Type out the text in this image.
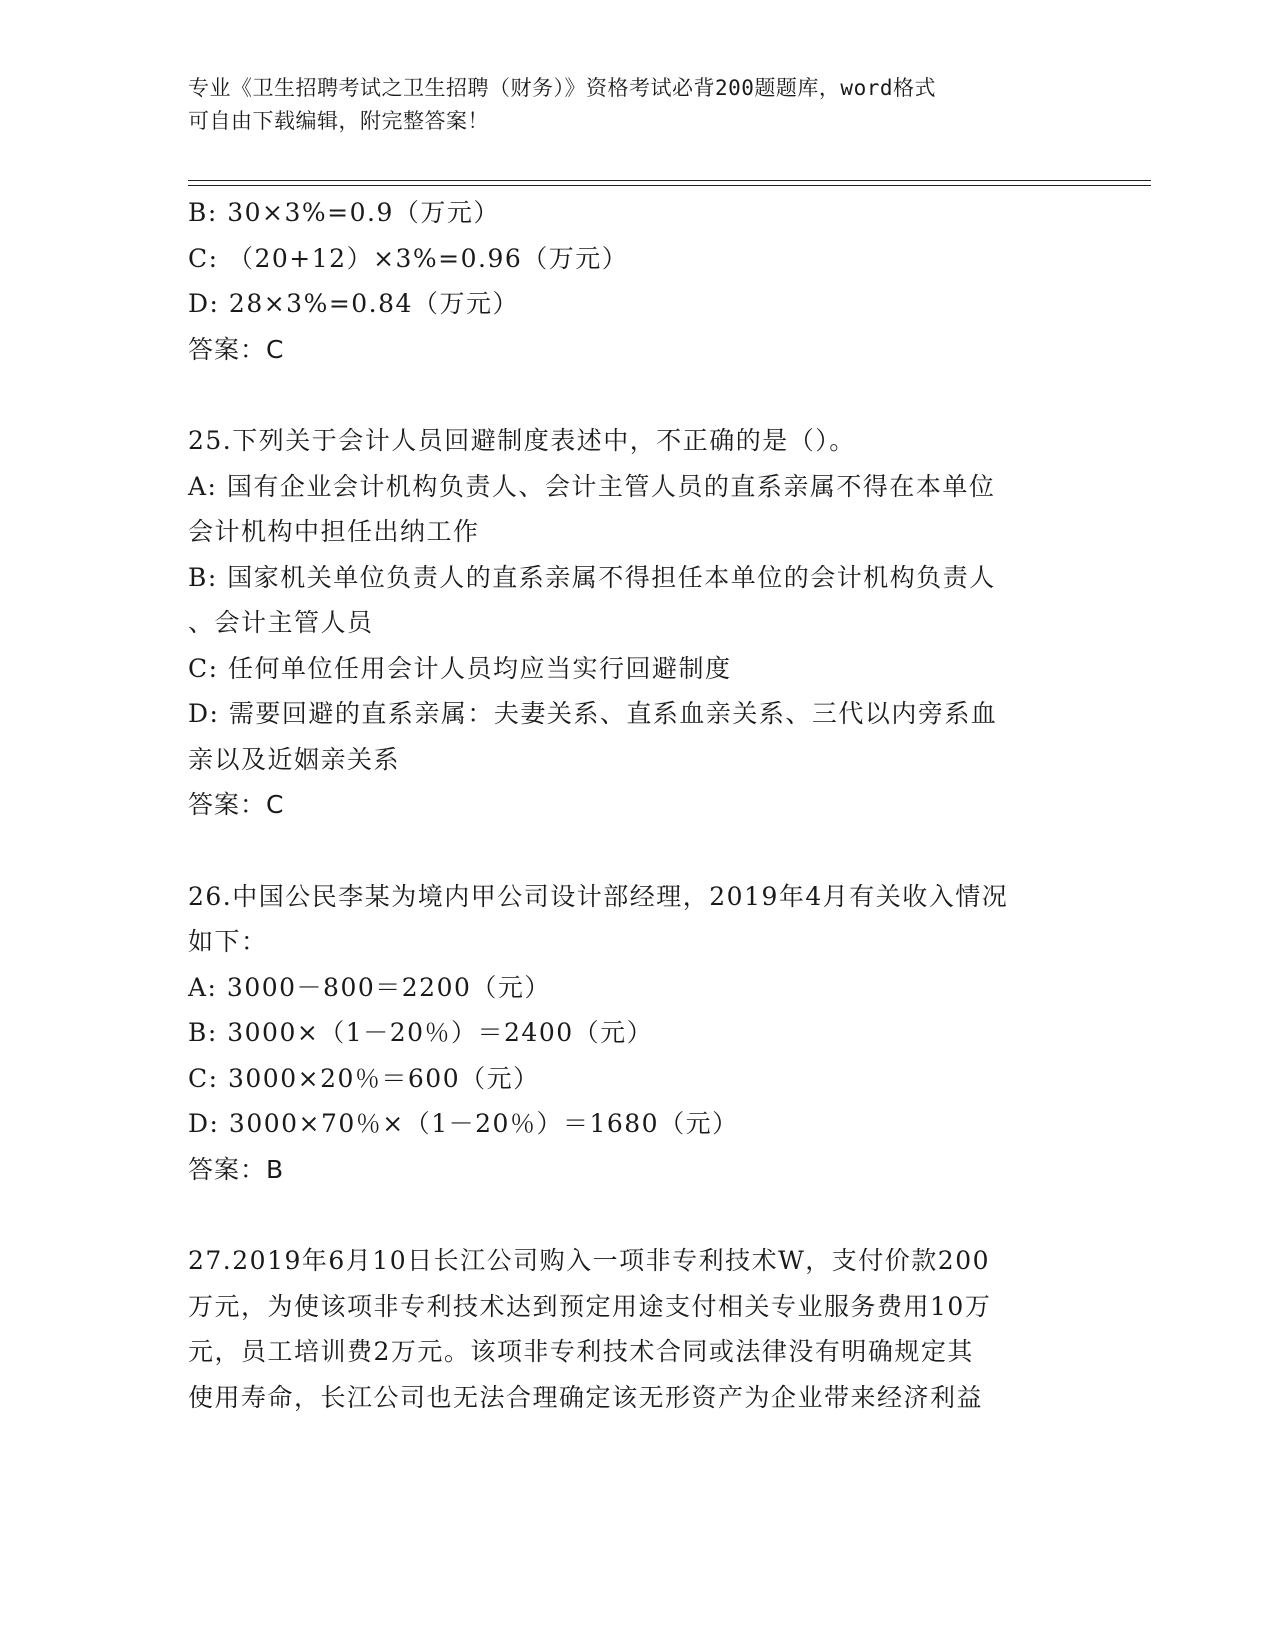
专业《卫生招聘考试之卫生招聘（财务）》资格考试必背200题题库，word格式
可自由下载编辑，附完整答案！

B: 30×3%=0.9（万元）

C: （20+12）×3%=0.96（万元）

D: 28×3%=0.84（万元）

答案：C

25.下列关于会计人员回避制度表述中，不正确的是（）。

A: 国有企业会计机构负责人、会计主管人员的直系亲属不得在本单位

会计机构中担任出纳工作

B: 国家机关单位负责人的直系亲属不得担任本单位的会计机构负责人

、会计主管人员

C: 任何单位任用会计人员均应当实行回避制度

D: 需要回避的直系亲属：夫妻关系、直系血亲关系、三代以内旁系血

亲以及近姻亲关系

答案：C

26.中国公民李某为境内甲公司设计部经理，2019年4月有关收入情况

如下：

A: 3000－800＝2200（元）

B: 3000×（1－20％）＝2400（元）

C: 3000×20％＝600（元）

D: 3000×70％×（1－20％）＝1680（元）

答案：B

27.2019年6月10日长江公司购入一项非专利技术W，支付价款200

万元，为使该项非专利技术达到预定用途支付相关专业服务费用10万

元，员工培训费2万元。该项非专利技术合同或法律没有明确规定其

使用寿命，长江公司也无法合理确定该无形资产为企业带来经济利益
